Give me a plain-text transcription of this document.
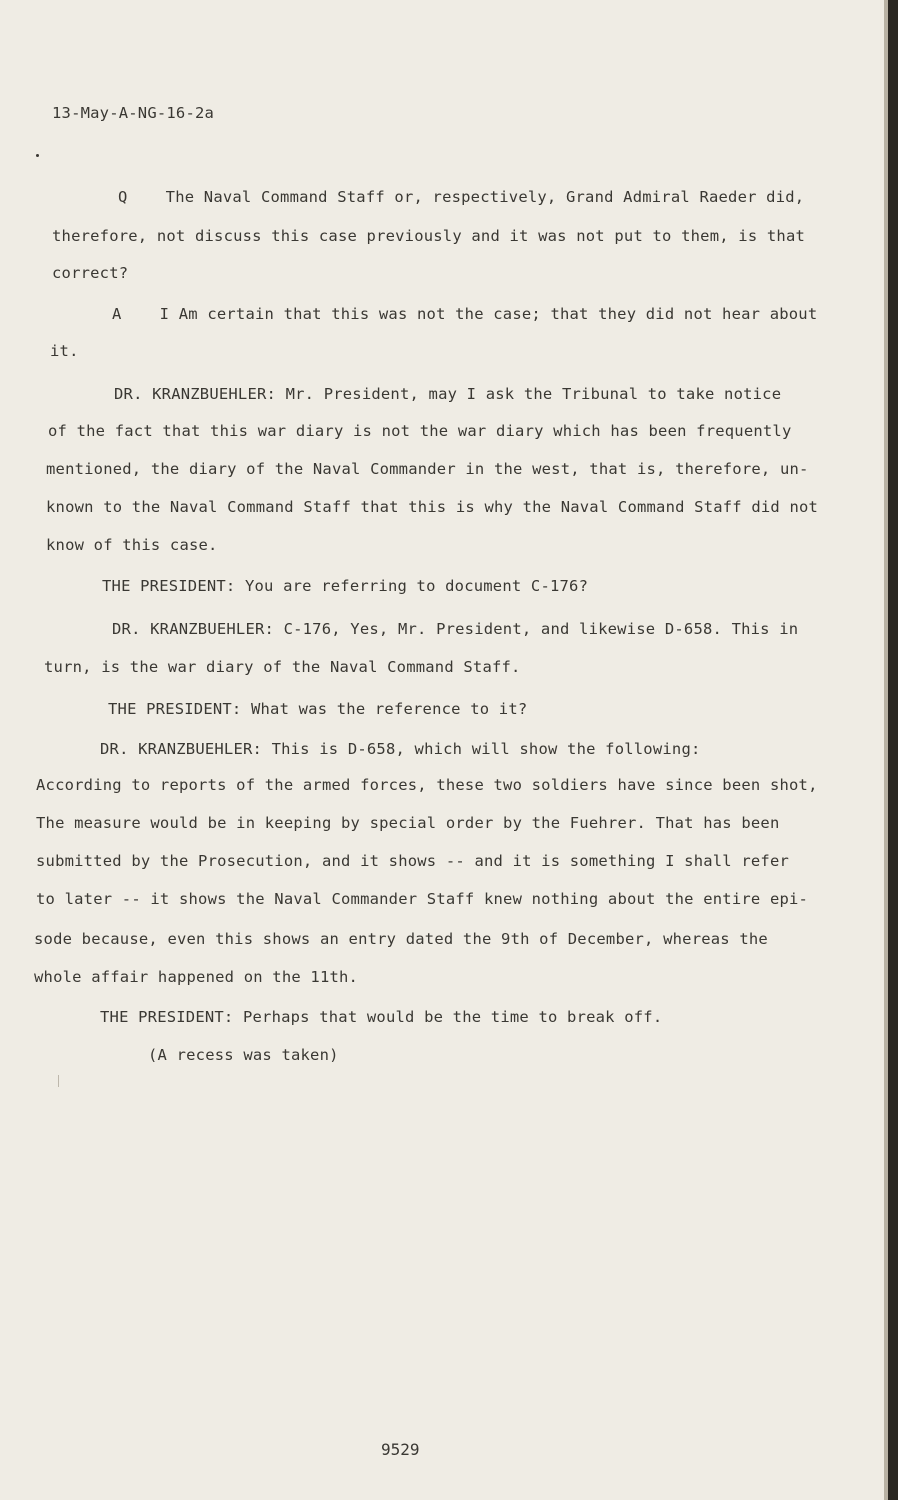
13-May-A-NG-16-2a
Q    The Naval Command Staff or, respectively, Grand Admiral Raeder did,
therefore, not discuss this case previously and it was not put to them, is that
correct?
A    I Am certain that this was not the case; that they did not hear about
it.
DR. KRANZBUEHLER: Mr. President, may I ask the Tribunal to take notice
of the fact that this war diary is not the war diary which has been frequently
mentioned, the diary of the Naval Commander in the west, that is, therefore, un-
known to the Naval Command Staff that this is why the Naval Command Staff did not
know of this case.
THE PRESIDENT: You are referring to document C-176?
DR. KRANZBUEHLER: C-176, Yes, Mr. President, and likewise D-658. This in
turn, is the war diary of the Naval Command Staff.
THE PRESIDENT: What was the reference to it?
DR. KRANZBUEHLER: This is D-658, which will show the following:
According to reports of the armed forces, these two soldiers have since been shot,
The measure would be in keeping by special order by the Fuehrer. That has been
submitted by the Prosecution, and it shows -- and it is something I shall refer
to later -- it shows the Naval Commander Staff knew nothing about the entire epi-
sode because, even this shows an entry dated the 9th of December, whereas the
whole affair happened on the 11th.
THE PRESIDENT: Perhaps that would be the time to break off.
(A recess was taken)
9529
